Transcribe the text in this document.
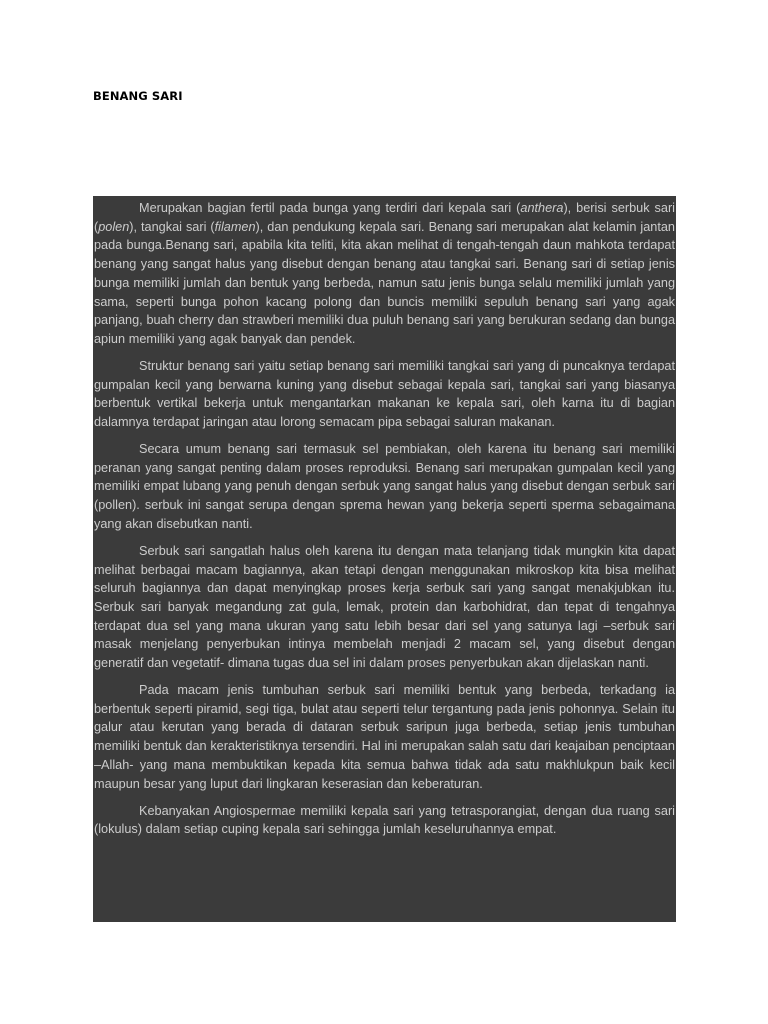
BENANG SARI

Merupakan bagian fertil pada bunga yang terdiri dari kepala sari (anthera), berisi serbuk sari (polen), tangkai sari (filamen), dan pendukung kepala sari. Benang sari merupakan alat kelamin jantan pada bunga.Benang sari, apabila kita teliti, kita akan melihat di tengah-tengah daun mahkota terdapat benang yang sangat halus yang disebut dengan benang atau tangkai sari. Benang sari di setiap jenis bunga memiliki jumlah dan bentuk yang berbeda, namun satu jenis bunga selalu memiliki jumlah yang sama, seperti bunga pohon kacang polong dan buncis memiliki sepuluh benang sari yang agak panjang, buah cherry dan strawberi memiliki dua puluh benang sari yang berukuran sedang dan bunga apiun memiliki yang agak banyak dan pendek.

Struktur benang sari yaitu setiap benang sari memiliki tangkai sari yang di puncaknya terdapat gumpalan kecil yang berwarna kuning yang disebut sebagai kepala sari, tangkai sari yang biasanya berbentuk vertikal bekerja untuk mengantarkan makanan ke kepala sari, oleh karna itu di bagian dalamnya terdapat jaringan atau lorong semacam pipa sebagai saluran makanan.

Secara umum benang sari termasuk sel pembiakan, oleh karena itu benang sari memiliki peranan yang sangat penting dalam proses reproduksi. Benang sari merupakan gumpalan kecil yang memiliki empat lubang yang penuh dengan serbuk yang sangat halus yang disebut dengan serbuk sari (pollen). serbuk ini sangat serupa dengan sprema hewan yang bekerja seperti sperma sebagaimana yang akan disebutkan nanti.

Serbuk sari sangatlah halus oleh karena itu dengan mata telanjang tidak mungkin kita dapat melihat berbagai macam bagiannya, akan tetapi dengan menggunakan mikroskop kita bisa melihat seluruh bagiannya dan dapat menyingkap proses kerja serbuk sari yang sangat menakjubkan itu. Serbuk sari banyak megandung zat gula, lemak, protein dan karbohidrat, dan tepat di tengahnya terdapat dua sel yang mana ukuran yang satu lebih besar dari sel yang satunya lagi –serbuk sari masak menjelang penyerbukan intinya membelah menjadi 2 macam sel, yang disebut dengan generatif dan vegetatif- dimana tugas dua sel ini dalam proses penyerbukan akan dijelaskan nanti.

Pada macam jenis tumbuhan serbuk sari memiliki bentuk yang berbeda, terkadang ia berbentuk seperti piramid, segi tiga, bulat atau seperti telur tergantung pada jenis pohonnya. Selain itu galur atau kerutan yang berada di dataran serbuk saripun juga berbeda, setiap jenis tumbuhan memiliki bentuk dan kerakteristiknya tersendiri. Hal ini merupakan salah satu dari keajaiban penciptaan –Allah- yang mana membuktikan kepada kita semua bahwa tidak ada satu makhlukpun baik kecil maupun besar yang luput dari lingkaran keserasian dan keberaturan.

Kebanyakan Angiospermae memiliki kepala sari yang tetrasporangiat, dengan dua ruang sari (lokulus) dalam setiap cuping kepala sari sehingga jumlah keseluruhannya empat.
